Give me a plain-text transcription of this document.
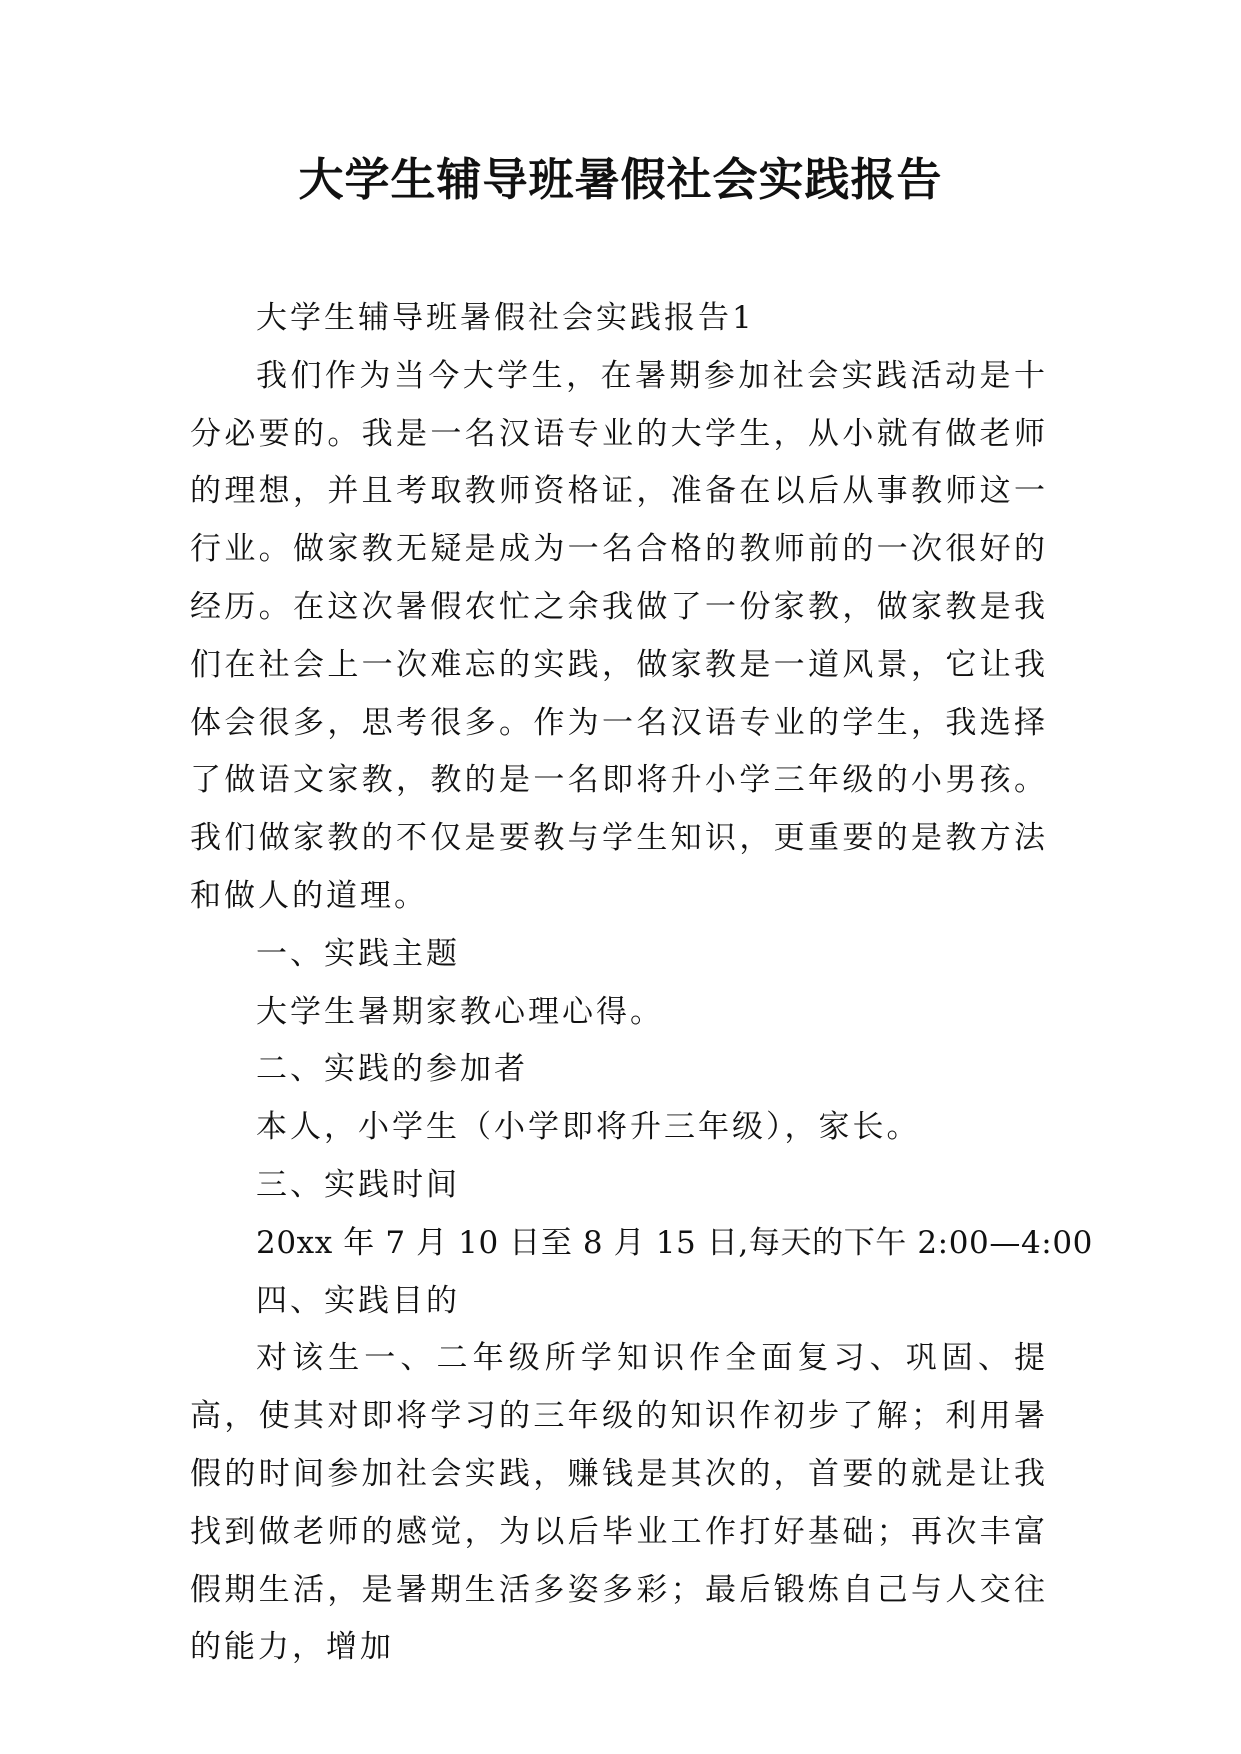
大学生辅导班暑假社会实践报告

大学生辅导班暑假社会实践报告1

我们作为当今大学生，在暑期参加社会实践活动是十分必要的。我是一名汉语专业的大学生，从小就有做老师的理想，并且考取教师资格证，准备在以后从事教师这一行业。做家教无疑是成为一名合格的教师前的一次很好的经历。在这次暑假农忙之余我做了一份家教，做家教是我们在社会上一次难忘的实践，做家教是一道风景，它让我体会很多，思考很多。作为一名汉语专业的学生，我选择了做语文家教，教的是一名即将升小学三年级的小男孩。我们做家教的不仅是要教与学生知识，更重要的是教方法和做人的道理。

一、实践主题

大学生暑期家教心理心得。

二、实践的参加者

本人，小学生（小学即将升三年级），家长。

三、实践时间

20xx 年 7 月 10 日至 8 月 15 日,每天的下午 2:00—4:00

四、实践目的

对该生一、二年级所学知识作全面复习、巩固、提高，使其对即将学习的三年级的知识作初步了解；利用暑假的时间参加社会实践，赚钱是其次的，首要的就是让我找到做老师的感觉，为以后毕业工作打好基础；再次丰富假期生活，是暑期生活多姿多彩；最后锻炼自己与人交往的能力，增加
